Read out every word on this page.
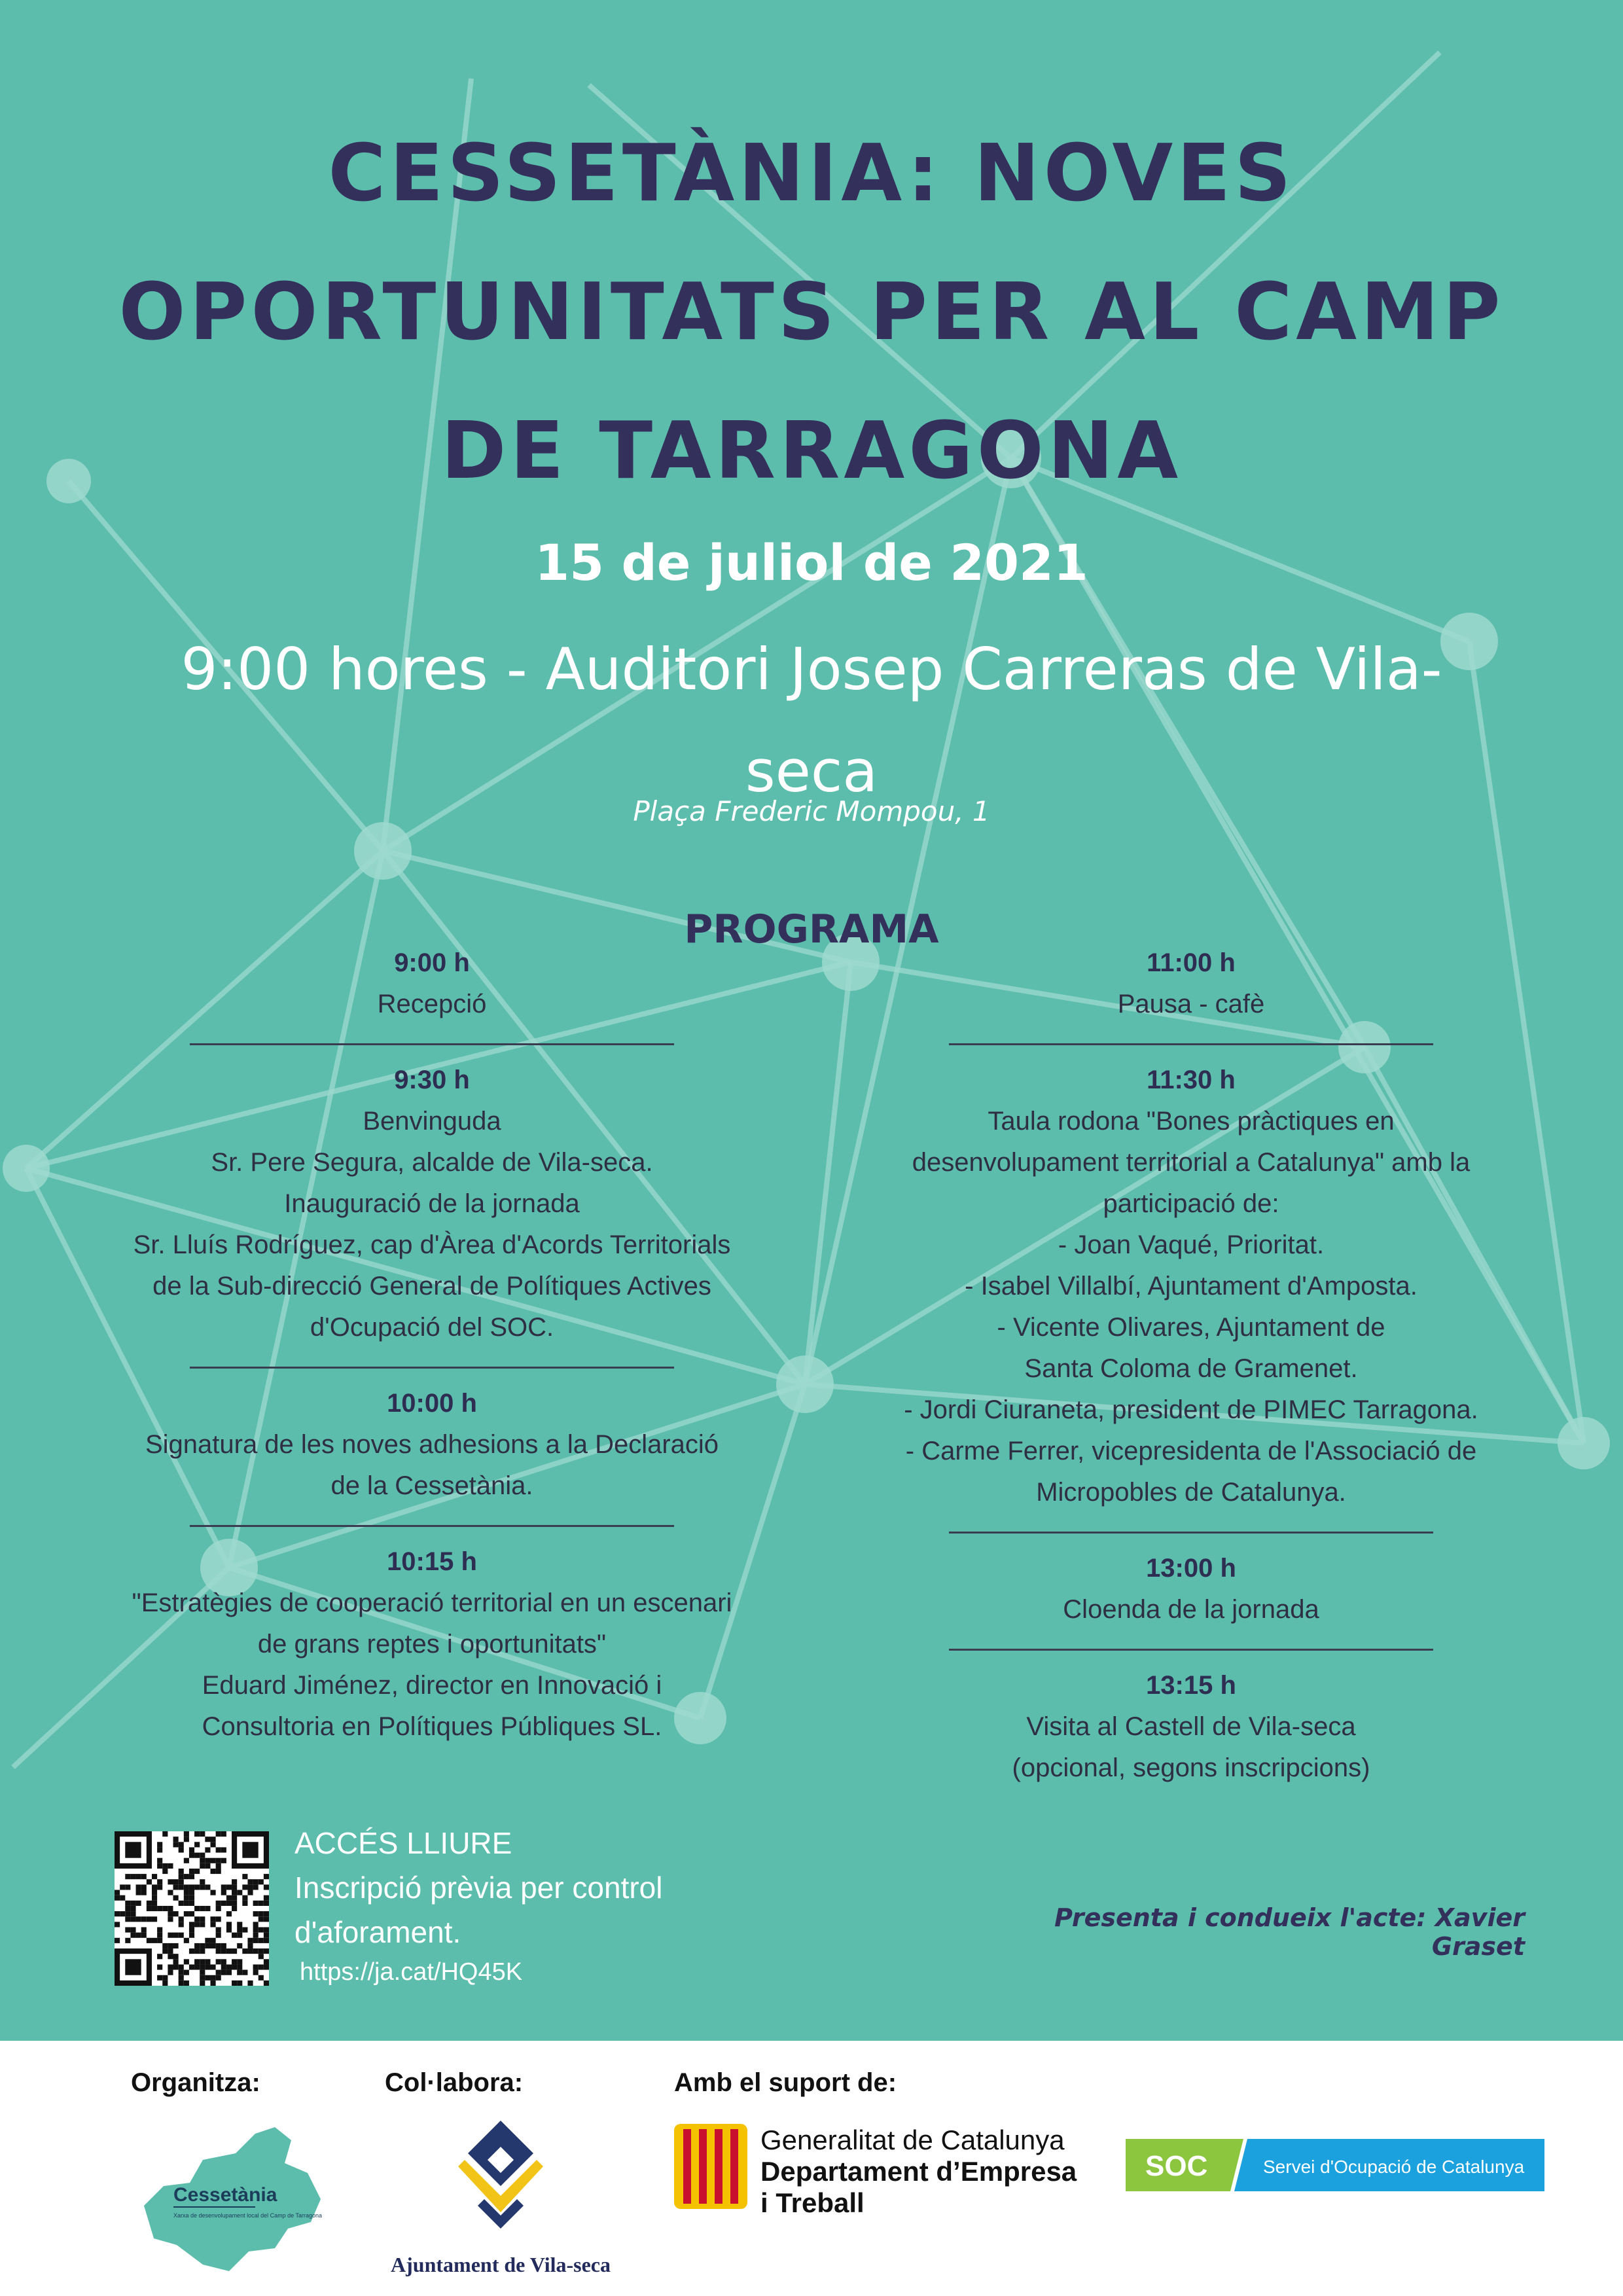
CESSETÀNIA: NOVES OPORTUNITATS PER AL CAMP DE TARRAGONA

15 de juliol de 2021

9:00 hores - Auditori Josep Carreras de Vila-seca

Plaça Frederic Mompou, 1

PROGRAMA

9:00 h
Recepció
9:30 h
Benvinguda
Sr. Pere Segura, alcalde de Vila-seca.
Inauguració de la jornada
Sr. Lluís Rodríguez, cap d'Àrea d'Acords Territorials
de la Sub-direcció General de Polítiques Actives
d'Ocupació del SOC.
10:00 h
Signatura de les noves adhesions a la Declaració
de la Cessetània.
10:15 h
"Estratègies de cooperació territorial en un escenari
de grans reptes i oportunitats"
Eduard Jiménez, director en Innovació i
Consultoria en Polítiques Públiques SL.
11:00 h
Pausa - cafè
11:30 h
Taula rodona "Bones pràctiques en
desenvolupament territorial a Catalunya" amb la
participació de:
- Joan Vaqué, Prioritat.
- Isabel Villalbí, Ajuntament d'Amposta.
- Vicente Olivares, Ajuntament de
Santa Coloma de Gramenet.
- Jordi Ciuraneta, president de PIMEC Tarragona.
- Carme Ferrer, vicepresidenta de l'Associació de
Micropobles de Catalunya.
13:00 h
Cloenda de la jornada
13:15 h
Visita al Castell de Vila-seca
(opcional, segons inscripcions)

ACCÉS LLIURE

Inscripció prèvia per control d'aforament.

https://ja.cat/HQ45K
Presenta i condueix l'acte: Xavier Graset
Organitza:	Col·labora:	Amb el suport de:
Cessetània
Xarxa de desenvolupament local del Camp de Tarragona
Ajuntament de Vila-seca
Generalitat de Catalunya
Departament d’Empresa
i Treball
SOC	Servei d'Ocupació de Catalunya
